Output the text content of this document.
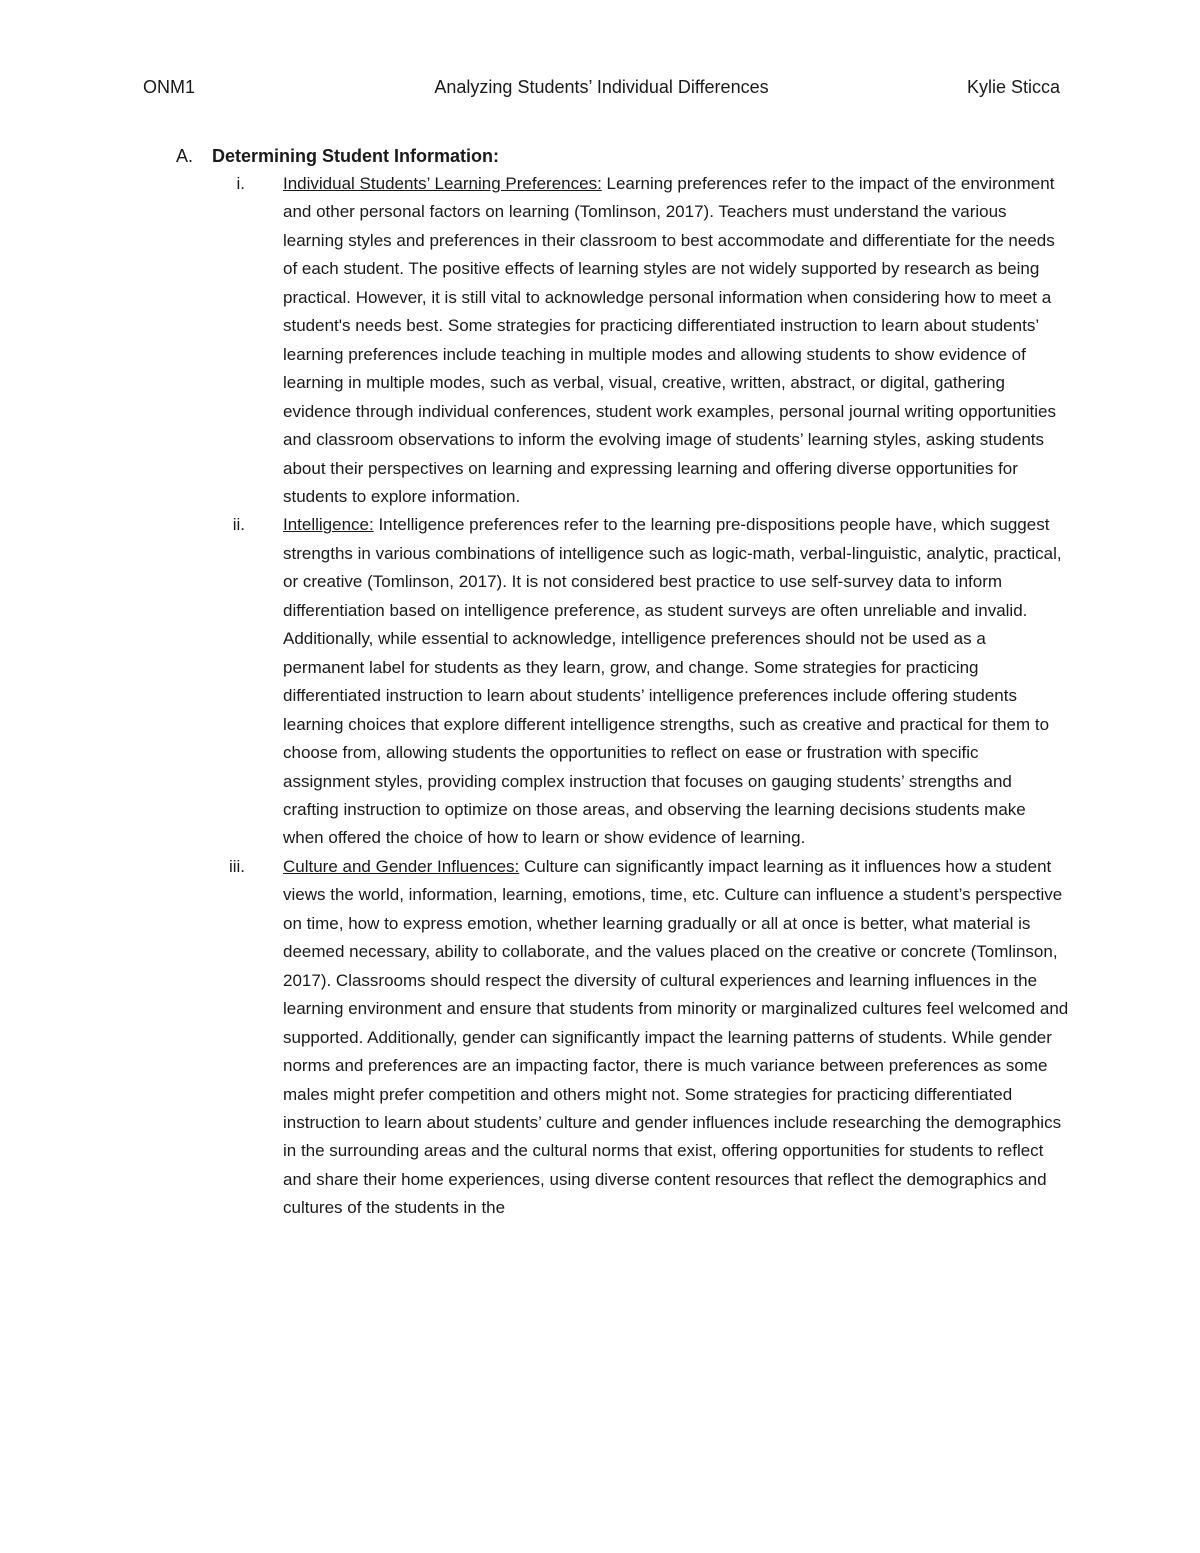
ONM1	Analyzing Students’ Individual Differences	Kylie Sticca
A. Determining Student Information:
i. Individual Students’ Learning Preferences: Learning preferences refer to the impact of the environment and other personal factors on learning (Tomlinson, 2017). Teachers must understand the various learning styles and preferences in their classroom to best accommodate and differentiate for the needs of each student. The positive effects of learning styles are not widely supported by research as being practical. However, it is still vital to acknowledge personal information when considering how to meet a student's needs best. Some strategies for practicing differentiated instruction to learn about students’ learning preferences include teaching in multiple modes and allowing students to show evidence of learning in multiple modes, such as verbal, visual, creative, written, abstract, or digital, gathering evidence through individual conferences, student work examples, personal journal writing opportunities and classroom observations to inform the evolving image of students’ learning styles, asking students about their perspectives on learning and expressing learning and offering diverse opportunities for students to explore information.
ii. Intelligence: Intelligence preferences refer to the learning pre-dispositions people have, which suggest strengths in various combinations of intelligence such as logic-math, verbal-linguistic, analytic, practical, or creative (Tomlinson, 2017). It is not considered best practice to use self-survey data to inform differentiation based on intelligence preference, as student surveys are often unreliable and invalid. Additionally, while essential to acknowledge, intelligence preferences should not be used as a permanent label for students as they learn, grow, and change. Some strategies for practicing differentiated instruction to learn about students’ intelligence preferences include offering students learning choices that explore different intelligence strengths, such as creative and practical for them to choose from, allowing students the opportunities to reflect on ease or frustration with specific assignment styles, providing complex instruction that focuses on gauging students’ strengths and crafting instruction to optimize on those areas, and observing the learning decisions students make when offered the choice of how to learn or show evidence of learning.
iii. Culture and Gender Influences: Culture can significantly impact learning as it influences how a student views the world, information, learning, emotions, time, etc. Culture can influence a student’s perspective on time, how to express emotion, whether learning gradually or all at once is better, what material is deemed necessary, ability to collaborate, and the values placed on the creative or concrete (Tomlinson, 2017). Classrooms should respect the diversity of cultural experiences and learning influences in the learning environment and ensure that students from minority or marginalized cultures feel welcomed and supported. Additionally, gender can significantly impact the learning patterns of students. While gender norms and preferences are an impacting factor, there is much variance between preferences as some males might prefer competition and others might not. Some strategies for practicing differentiated instruction to learn about students’ culture and gender influences include researching the demographics in the surrounding areas and the cultural norms that exist, offering opportunities for students to reflect and share their home experiences, using diverse content resources that reflect the demographics and cultures of the students in the
